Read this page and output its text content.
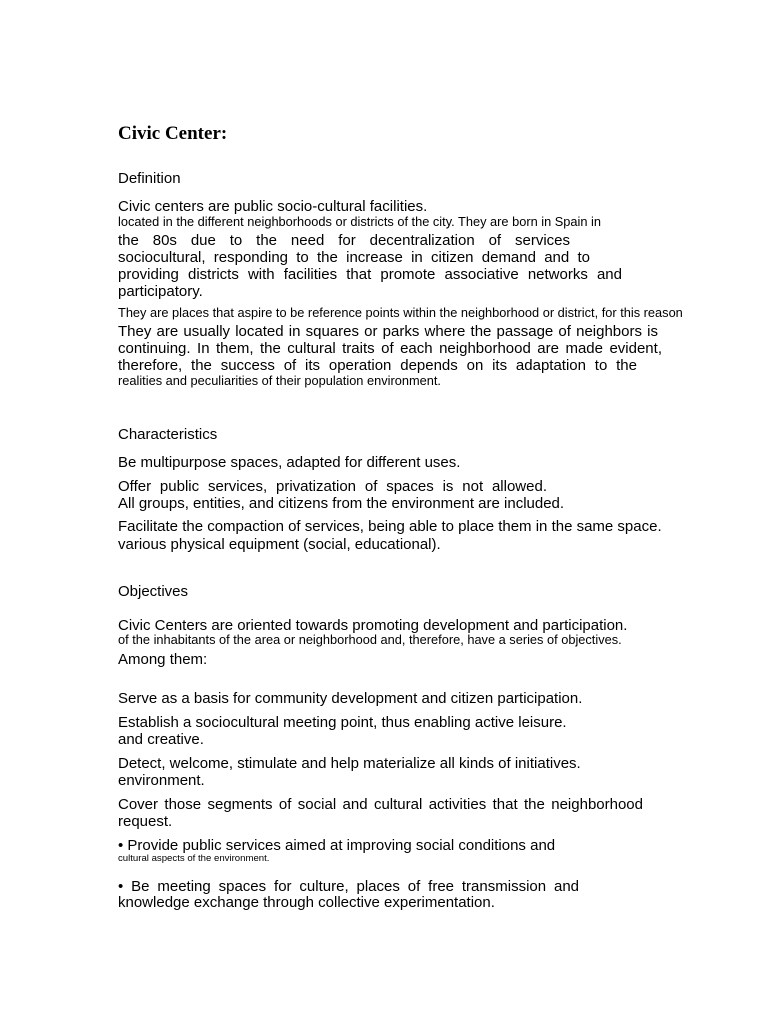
Civic Center:
Definition
Civic centers are public socio-cultural facilities.
located in the different neighborhoods or districts of the city. They are born in Spain in
the 80s due to the need for decentralization of services
sociocultural, responding to the increase in citizen demand and to
providing districts with facilities that promote associative networks and
participatory.
They are places that aspire to be reference points within the neighborhood or district, for this reason
They are usually located in squares or parks where the passage of neighbors is
continuing. In them, the cultural traits of each neighborhood are made evident,
therefore, the success of its operation depends on its adaptation to the
realities and peculiarities of their population environment.
Characteristics
Be multipurpose spaces, adapted for different uses.
Offer public services, privatization of spaces is not allowed.
All groups, entities, and citizens from the environment are included.
Facilitate the compaction of services, being able to place them in the same space.
various physical equipment (social, educational).
Objectives
Civic Centers are oriented towards promoting development and participation.
of the inhabitants of the area or neighborhood and, therefore, have a series of objectives.
Among them:
Serve as a basis for community development and citizen participation.
Establish a sociocultural meeting point, thus enabling active leisure.
and creative.
Detect, welcome, stimulate and help materialize all kinds of initiatives.
environment.
Cover those segments of social and cultural activities that the neighborhood
request.
• Provide public services aimed at improving social conditions and
cultural aspects of the environment.
• Be meeting spaces for culture, places of free transmission and
knowledge exchange through collective experimentation.
